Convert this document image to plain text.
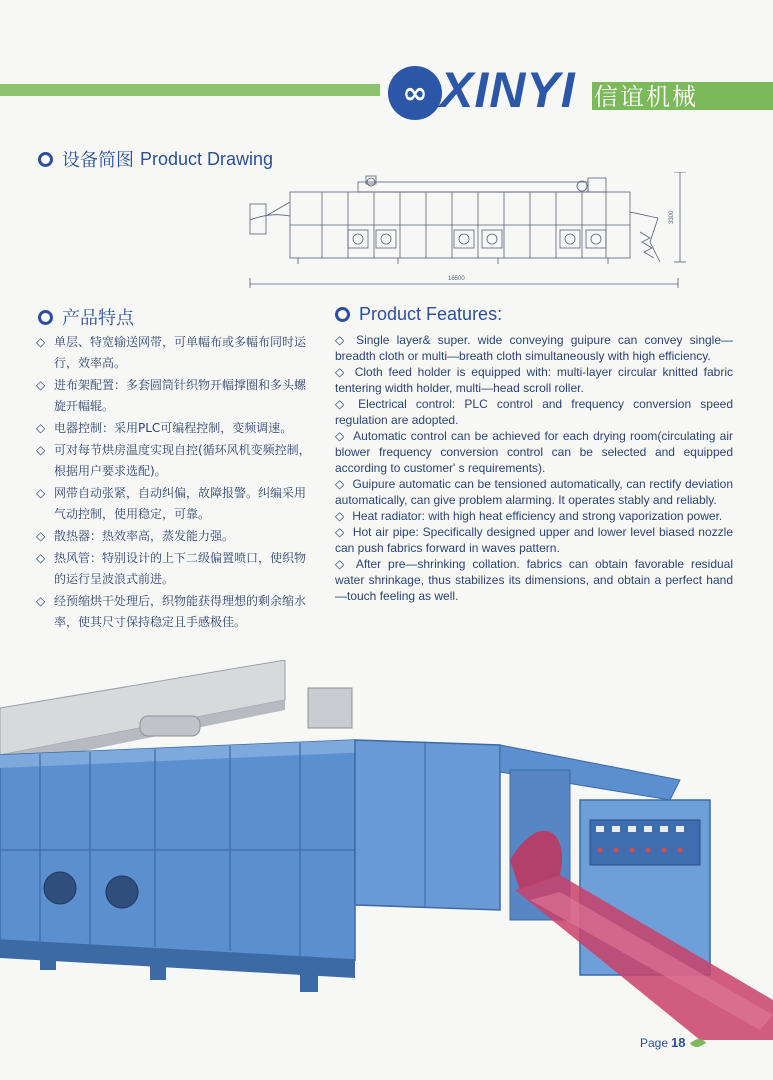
∞ XINYI 信谊机械
设备简图 Product Drawing
16500
3300
产品特点
◇ 单层、特宽输送网带，可单幅布或多幅布同时运行，效率高。
◇ 进布架配置：多套圆筒针织物开幅撑圈和多头螺旋开幅辊。
◇ 电器控制：采用PLC可编程控制，变频调速。
◇ 可对每节烘房温度实现自控(循环风机变频控制，根据用户要求选配)。
◇ 网带自动张紧，自动纠偏，故障报警。纠编采用气动控制，使用稳定，可靠。
◇ 散热器：热效率高，蒸发能力强。
◇ 热风管：特别设计的上下二级偏置喷口，使织物的运行呈波浪式前进。
◇ 经预缩烘干处理后，织物能获得理想的剩余缩水率，使其尺寸保持稳定且手感极佳。
Product Features:

◇ Single layer& super. wide conveying guipure can convey single—breadth cloth or multi—breath cloth simultaneously with high efficiency.

◇ Cloth feed holder is equipped with: multi-layer circular knitted fabric tentering width holder, multi—head scroll roller.

◇ Electrical control: PLC control and frequency conversion speed regulation are adopted.

◇ Automatic control can be achieved for each drying room(circulating air blower frequency conversion control can be selected and equipped according to customer' s requirements).

◇ Guipure automatic can be tensioned automatically, can rectify deviation automatically, can give problem alarming. It operates stably and reliably.

◇ Heat radiator: with high heat efficiency and strong vaporization power.

◇ Hot air pipe: Specifically designed upper and lower level biased nozzle can push fabrics forward in waves pattern.

◇ After pre—shrinking collation. fabrics can obtain favorable residual water shrinkage, thus stabilizes its dimensions, and obtain a perfect hand—touch feeling as well.

Page 18
